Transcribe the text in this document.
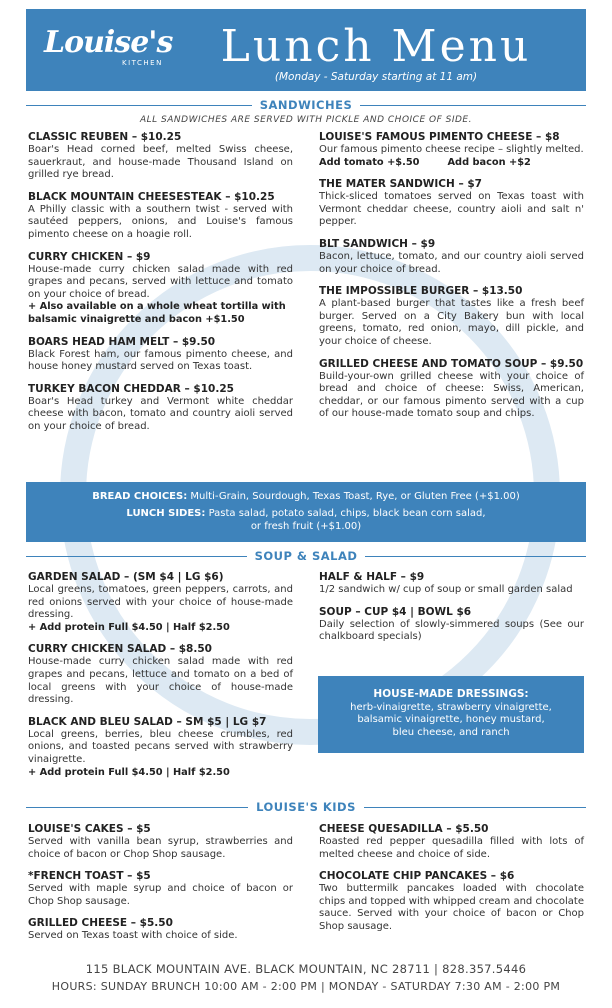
Louise's
KITCHEN	Lunch Menu
(Monday - Saturday starting at 11 am)
SANDWICHES
ALL SANDWICHES ARE SERVED WITH PICKLE AND CHOICE OF SIDE.
CLASSIC REUBEN – $10.25
Boar's Head corned beef, melted Swiss cheese, sauerkraut, and house-made Thousand Island on grilled rye bread.
BLACK MOUNTAIN CHEESESTEAK – $10.25
A Philly classic with a southern twist - served with sautéed peppers, onions, and Louise's famous pimento cheese on a hoagie roll.
CURRY CHICKEN – $9
House-made curry chicken salad made with red grapes and pecans, served with lettuce and tomato on your choice of bread.
+ Also available on a whole wheat tortilla with balsamic vinaigrette and bacon +$1.50
BOARS HEAD HAM MELT – $9.50
Black Forest ham, our famous pimento cheese, and house honey mustard served on Texas toast.
TURKEY BACON CHEDDAR – $10.25
Boar's Head turkey and Vermont white cheddar cheese with bacon, tomato and country aioli served on your choice of bread.
LOUISE'S FAMOUS PIMENTO CHEESE – $8
Our famous pimento cheese recipe – slightly melted.
Add tomato +$.50	Add bacon +$2
THE MATER SANDWICH – $7
Thick-sliced tomatoes served on Texas toast with Vermont cheddar cheese, country aioli and salt n' pepper.
BLT SANDWICH – $9
Bacon, lettuce, tomato, and our country aioli served on your choice of bread.
THE IMPOSSIBLE BURGER – $13.50
A plant-based burger that tastes like a fresh beef burger. Served on a City Bakery bun with local greens, tomato, red onion, mayo, dill pickle, and your choice of cheese.
GRILLED CHEESE AND TOMATO SOUP – $9.50
Build-your-own grilled cheese with your choice of bread and choice of cheese: Swiss, American, cheddar, or our famous pimento served with a cup of our house-made tomato soup and chips.
BREAD CHOICES: Multi-Grain, Sourdough, Texas Toast, Rye, or Gluten Free (+$1.00)
LUNCH SIDES: Pasta salad, potato salad, chips, black bean corn salad,
or fresh fruit (+$1.00)
SOUP & SALAD
GARDEN SALAD – (SM $4 | LG $6)
Local greens, tomatoes, green peppers, carrots, and red onions served with your choice of house-made dressing.
+ Add protein Full $4.50 | Half $2.50
CURRY CHICKEN SALAD – $8.50
House-made curry chicken salad made with red grapes and pecans, lettuce and tomato on a bed of local greens with your choice of house-made dressing.
BLACK AND BLEU SALAD – SM $5 | LG $7
Local greens, berries, bleu cheese crumbles, red onions, and toasted pecans served with strawberry vinaigrette.
+ Add protein Full $4.50 | Half $2.50
HALF & HALF – $9
1/2 sandwich w/ cup of soup or small garden salad
SOUP – CUP $4 | BOWL $6
Daily selection of slowly-simmered soups (See our chalkboard specials)
HOUSE-MADE DRESSINGS:
herb-vinaigrette, strawberry vinaigrette,
balsamic vinaigrette, honey mustard,
bleu cheese, and ranch
LOUISE'S KIDS
LOUISE'S CAKES – $5
Served with vanilla bean syrup, strawberries and choice of bacon or Chop Shop sausage.
*FRENCH TOAST – $5
Served with maple syrup and choice of bacon or Chop Shop sausage.
GRILLED CHEESE – $5.50
Served on Texas toast with choice of side.
CHEESE QUESADILLA – $5.50
Roasted red pepper quesadilla filled with lots of melted cheese and choice of side.
CHOCOLATE CHIP PANCAKES – $6
Two buttermilk pancakes loaded with chocolate chips and topped with whipped cream and chocolate sauce. Served with your choice of bacon or Chop Shop sausage.
115 BLACK MOUNTAIN AVE. BLACK MOUNTAIN, NC 28711 | 828.357.5446
HOURS: SUNDAY BRUNCH 10:00 AM - 2:00 PM | MONDAY - SATURDAY 7:30 AM - 2:00 PM
